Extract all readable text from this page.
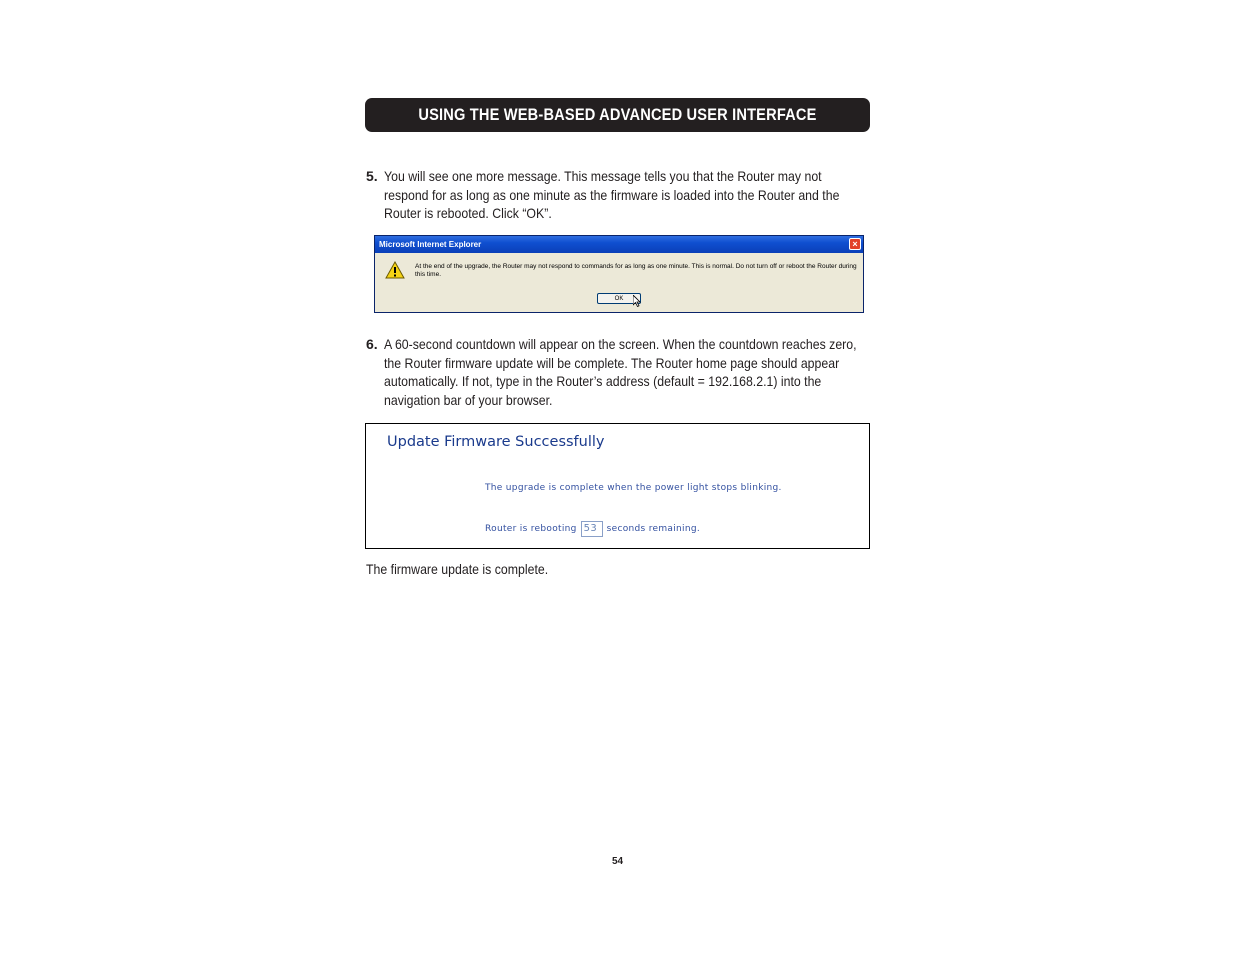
USING THE WEB-BASED ADVANCED USER INTERFACE
5. You will see one more message. This message tells you that the Router may not respond for as long as one minute as the firmware is loaded into the Router and the Router is rebooted. Click “OK”.
Microsoft Internet Explorer	×
At the end of the upgrade, the Router may not respond to commands for as long as one minute. This is normal. Do not turn off or reboot the Router during this time.
OK
6. A 60-second countdown will appear on the screen. When the countdown reaches zero, the Router firmware update will be complete. The Router home page should appear automatically. If not, type in the Router’s address (default = 192.168.2.1) into the navigation bar of your browser.
Update Firmware Successfully
The upgrade is complete when the power light stops blinking.
Router is rebooting 53	seconds remaining.
The firmware update is complete.
54
